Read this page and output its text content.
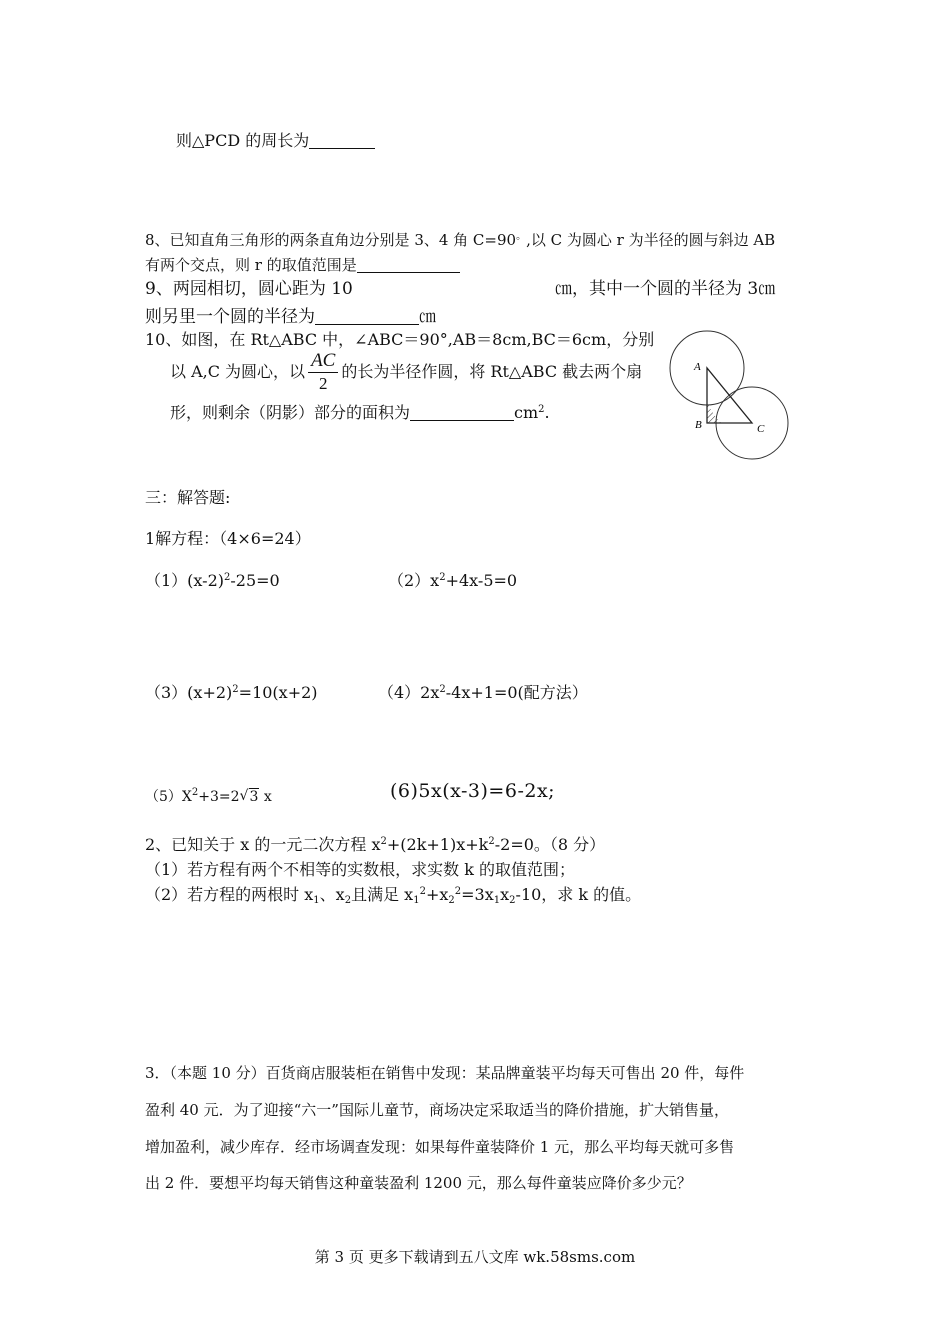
则△PCD 的周长为
8、已知直角三角形的两条直角边分别是 3、4 角 C=90。,以 C 为圆心 r 为半径的圆与斜边 AB
有两个交点，则 r 的取值范围是
9、两园相切，圆心距为 10	㎝，其中一个圆的半径为 3㎝
则另里一个圆的半径为	㎝
10、如图，在 Rt△ABC 中，∠ABC＝90°,AB＝8cm,BC＝6cm，分别
以 A,C 为圆心，以 $\frac{AC}{2}$ 的长为半径作圆，将 Rt△ABC 截去两个扇
形，则剩余（阴影）部分的面积为	$cm^2$.
A
B	C
三：解答题:
1解方程：（4×6=24）
$(1)(x-2)^2-25=0$	$(2)x^2+4x-5=0$
$(3)(x+2)^2=10(x+2)$	$(4)2x^2-4x+1=0$(配方法）
$(5)X^2+3=2√$ 3 x	(6)5x(x-3)=6-2x;
2、已知关于 x 的一元二次方程 $x^2+(2k+1)x+k^2-2=0$。（8 分）
（1）若方程有两个不相等的实数根，求实数 k 的取值范围；
（2）若方程的两根时 $x_1$、$x_2$且满足 $x_1^2+x_2^2=3x_1x_2-10$，求 k 的值。
3．（本题 10 分）百货商店服装柜在销售中发现：某品牌童装平均每天可售出 20 件，每件
盈利 40 元．为了迎接“六一”国际儿童节，商场决定采取适当的降价措施，扩大销售量，
增加盈利，减少库存．经市场调查发现：如果每件童装降价 1 元，那么平均每天就可多售
出 2 件．要想平均每天销售这种童装盈利 1200 元，那么每件童装应降价多少元？
第 3 页 更多下载请到五八文库 wk.58sms.com
